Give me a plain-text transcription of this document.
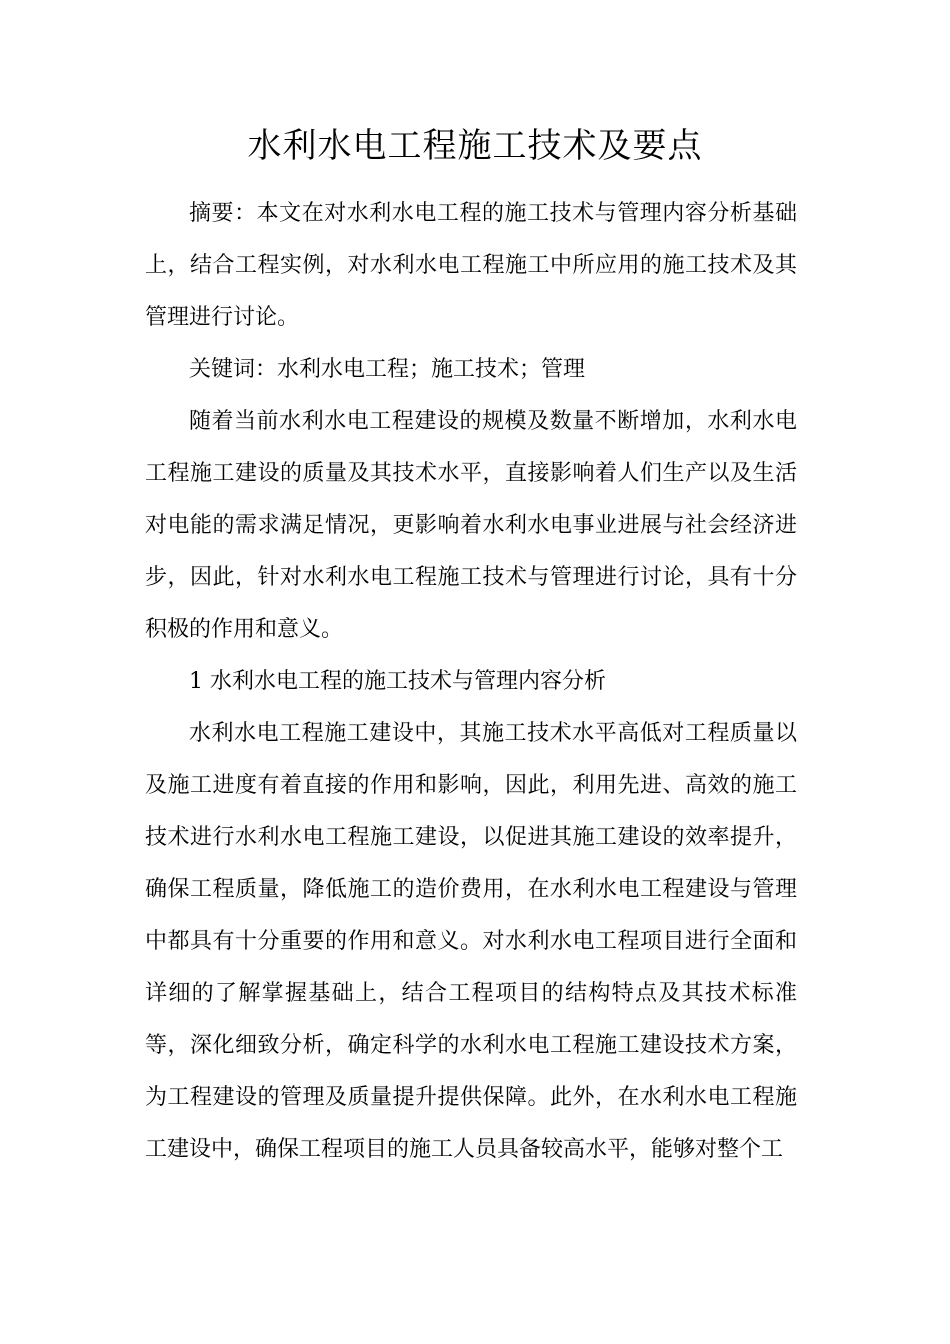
水利水电工程施工技术及要点

摘要：本文在对水利水电工程的施工技术与管理内容分析基础上，结合工程实例，对水利水电工程施工中所应用的施工技术及其管理进行讨论。

关键词：水利水电工程；施工技术；管理

随着当前水利水电工程建设的规模及数量不断增加，水利水电工程施工建设的质量及其技术水平，直接影响着人们生产以及生活对电能的需求满足情况，更影响着水利水电事业进展与社会经济进步，因此，针对水利水电工程施工技术与管理进行讨论，具有十分积极的作用和意义。

1 水利水电工程的施工技术与管理内容分析

水利水电工程施工建设中，其施工技术水平高低对工程质量以及施工进度有着直接的作用和影响，因此，利用先进、高效的施工技术进行水利水电工程施工建设，以促进其施工建设的效率提升，确保工程质量，降低施工的造价费用，在水利水电工程建设与管理中都具有十分重要的作用和意义。对水利水电工程项目进行全面和详细的了解掌握基础上，结合工程项目的结构特点及其技术标准等，深化细致分析，确定科学的水利水电工程施工建设技术方案，为工程建设的管理及质量提升提供保障。此外，在水利水电工程施工建设中，确保工程项目的施工人员具备较高水平，能够对整个工
